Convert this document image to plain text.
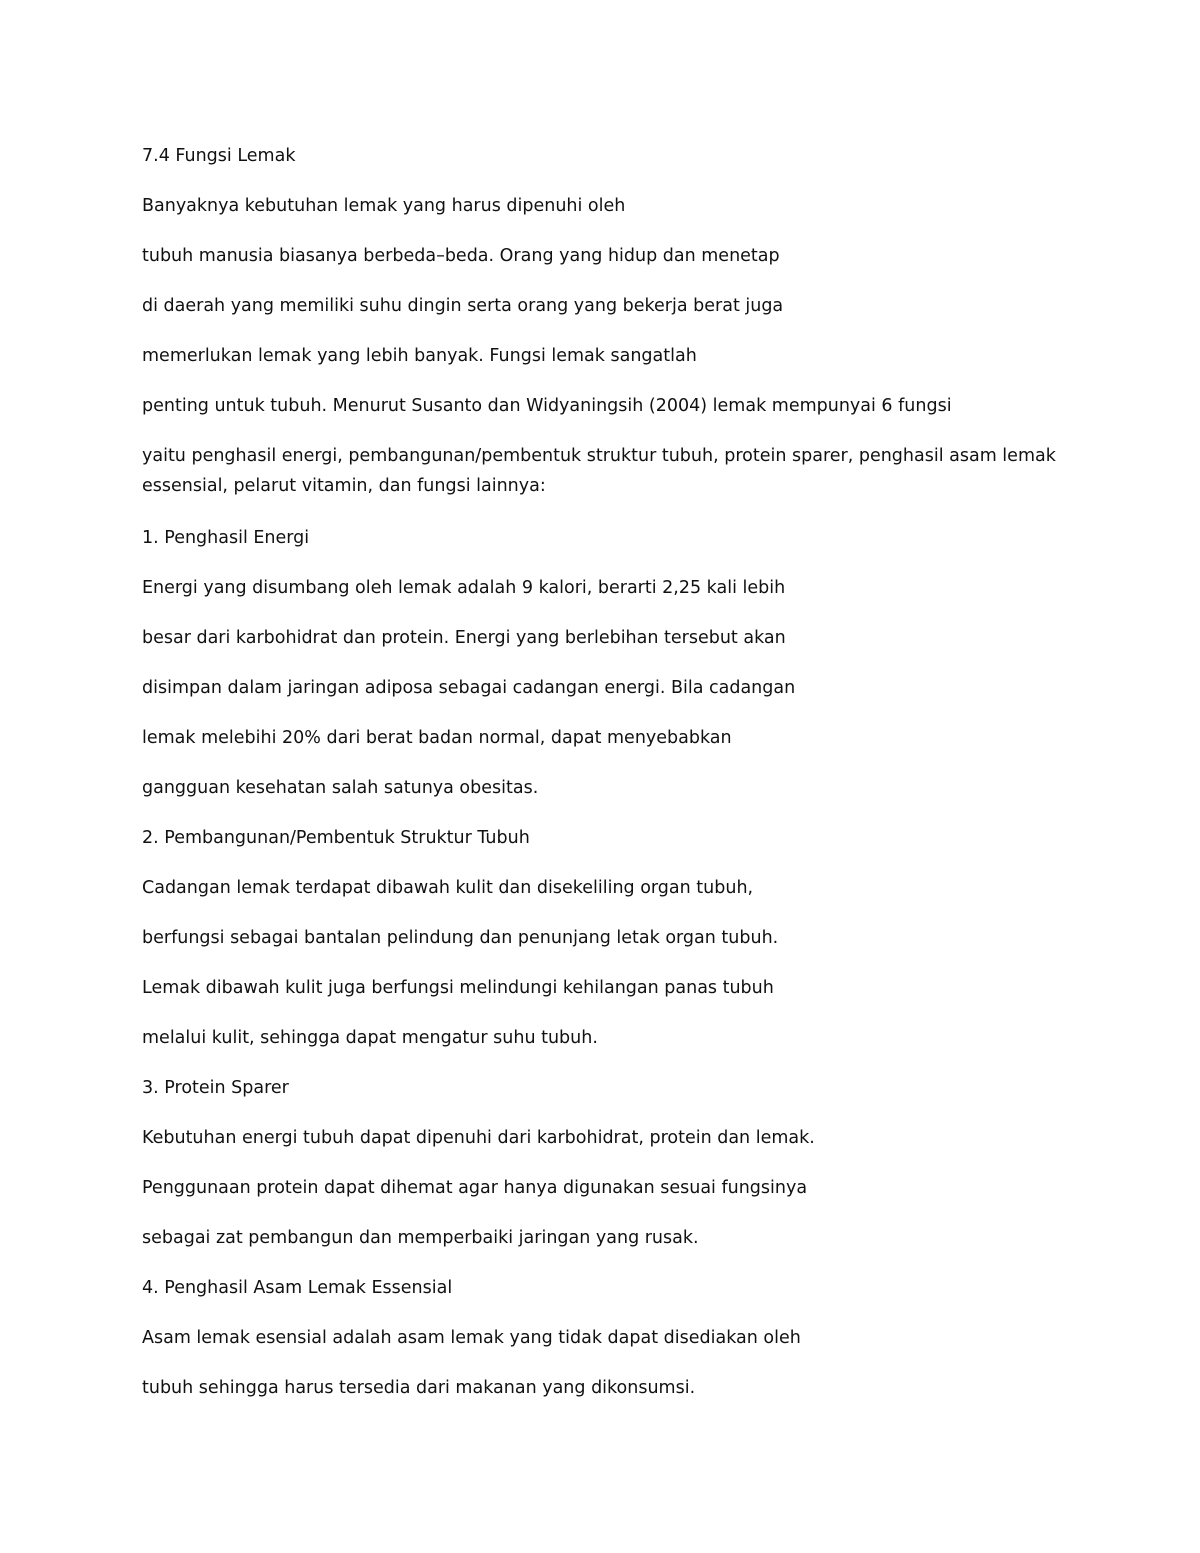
7.4 Fungsi Lemak
Banyaknya kebutuhan lemak yang harus dipenuhi oleh
tubuh manusia biasanya berbeda–beda. Orang yang hidup dan menetap
di daerah yang memiliki suhu dingin serta orang yang bekerja berat juga
memerlukan lemak yang lebih banyak. Fungsi lemak sangatlah
penting untuk tubuh. Menurut Susanto dan Widyaningsih (2004) lemak mempunyai 6 fungsi
yaitu penghasil energi, pembangunan/pembentuk struktur tubuh, protein sparer, penghasil asam lemak essensial, pelarut vitamin, dan fungsi lainnya:
1. Penghasil Energi
Energi yang disumbang oleh lemak adalah 9 kalori, berarti 2,25 kali lebih
besar dari karbohidrat dan protein. Energi yang berlebihan tersebut akan
disimpan dalam jaringan adiposa sebagai cadangan energi. Bila cadangan
lemak melebihi 20% dari berat badan normal, dapat menyebabkan
gangguan kesehatan salah satunya obesitas.
2. Pembangunan/Pembentuk Struktur Tubuh
Cadangan lemak terdapat dibawah kulit dan disekeliling organ tubuh,
berfungsi sebagai bantalan pelindung dan penunjang letak organ tubuh.
Lemak dibawah kulit juga berfungsi melindungi kehilangan panas tubuh
melalui kulit, sehingga dapat mengatur suhu tubuh.
3. Protein Sparer
Kebutuhan energi tubuh dapat dipenuhi dari karbohidrat, protein dan lemak.
Penggunaan protein dapat dihemat agar hanya digunakan sesuai fungsinya
sebagai zat pembangun dan memperbaiki jaringan yang rusak.
4. Penghasil Asam Lemak Essensial
Asam lemak esensial adalah asam lemak yang tidak dapat disediakan oleh
tubuh sehingga harus tersedia dari makanan yang dikonsumsi.
